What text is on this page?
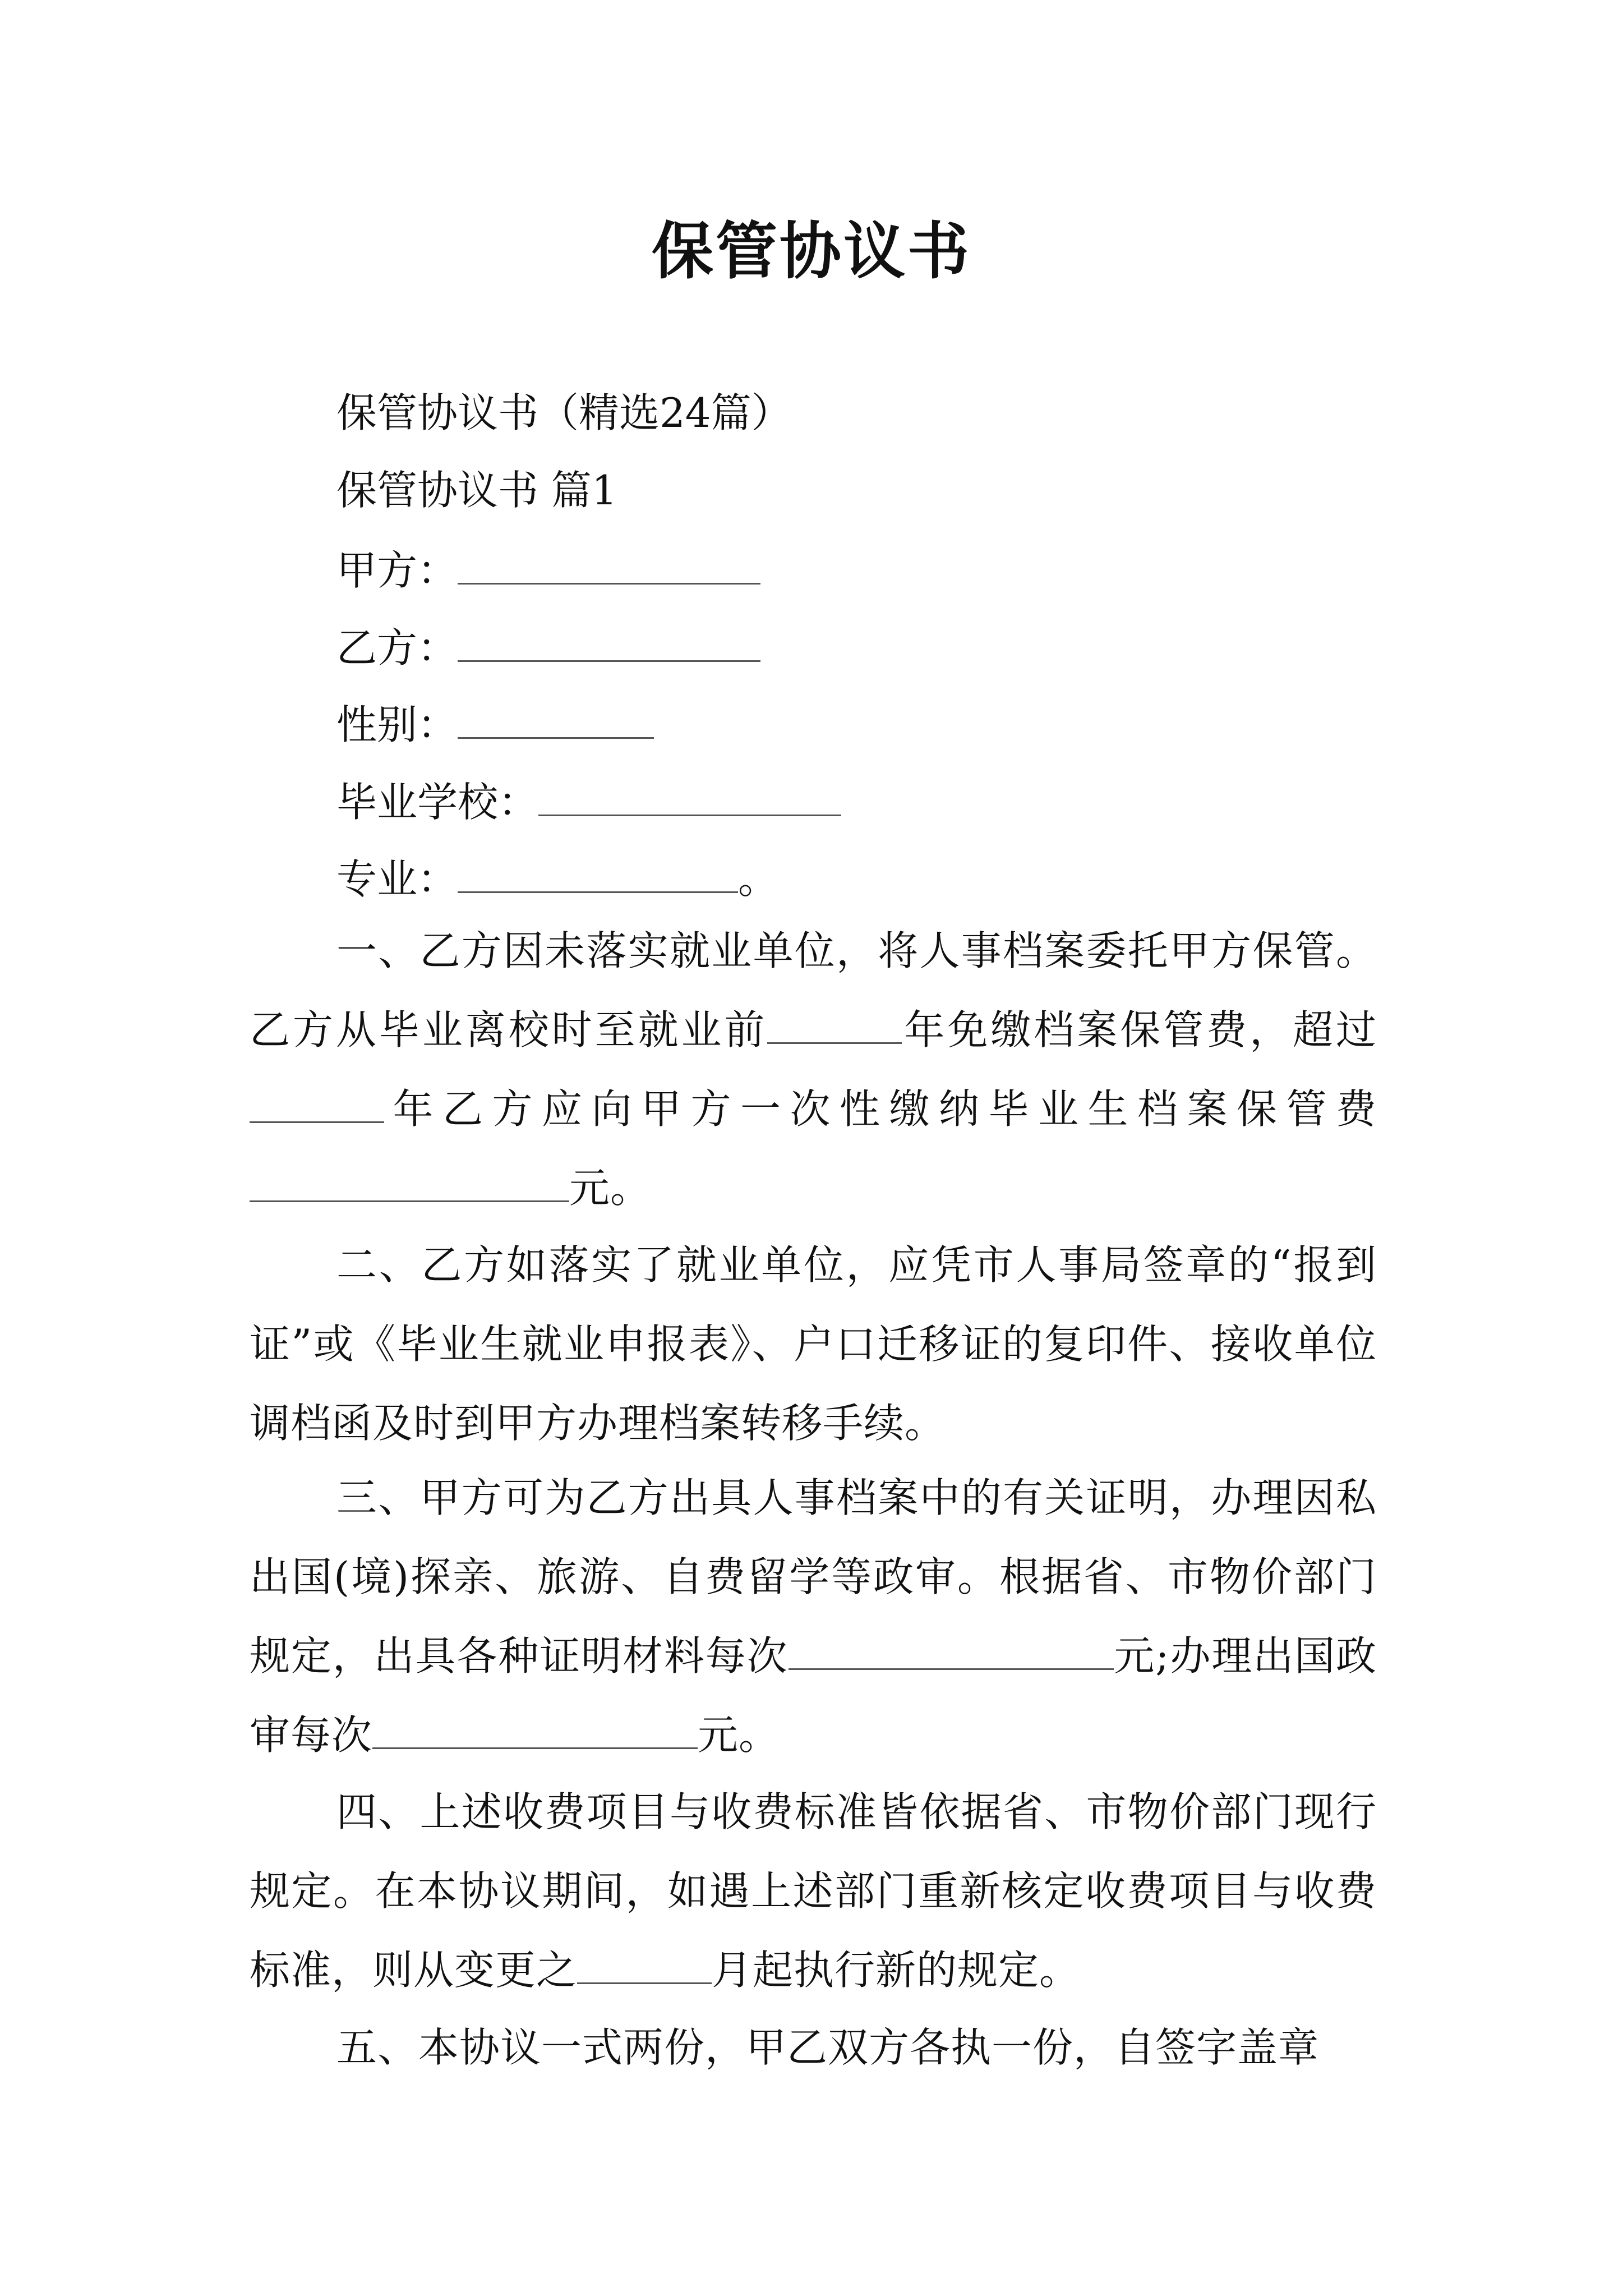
保管协议书
保管协议书（精选24篇）
保管协议书 篇1
甲方：
乙方：
性别：
毕业学校：
专业：	。
一、乙方因未落实就业单位，将人事档案委托甲方保管。乙方从毕业离校时至就业前	年免缴档案保管费，超过年乙方应向甲方一次性缴纳毕业生档案保管费元。
二、乙方如落实了就业单位，应凭市人事局签章的“报到证”或《毕业生就业申报表》、户口迁移证的复印件、接收单位调档函及时到甲方办理档案转移手续。
三、甲方可为乙方出具人事档案中的有关证明，办理因私出国(境)探亲、旅游、自费留学等政审。根据省、市物价部门规定，出具各种证明材料每次	元;办理出国政审每次	元。
四、上述收费项目与收费标准皆依据省、市物价部门现行规定。在本协议期间，如遇上述部门重新核定收费项目与收费标准，则从变更之	月起执行新的规定。
五、本协议一式两份，甲乙双方各执一份，自签字盖章
